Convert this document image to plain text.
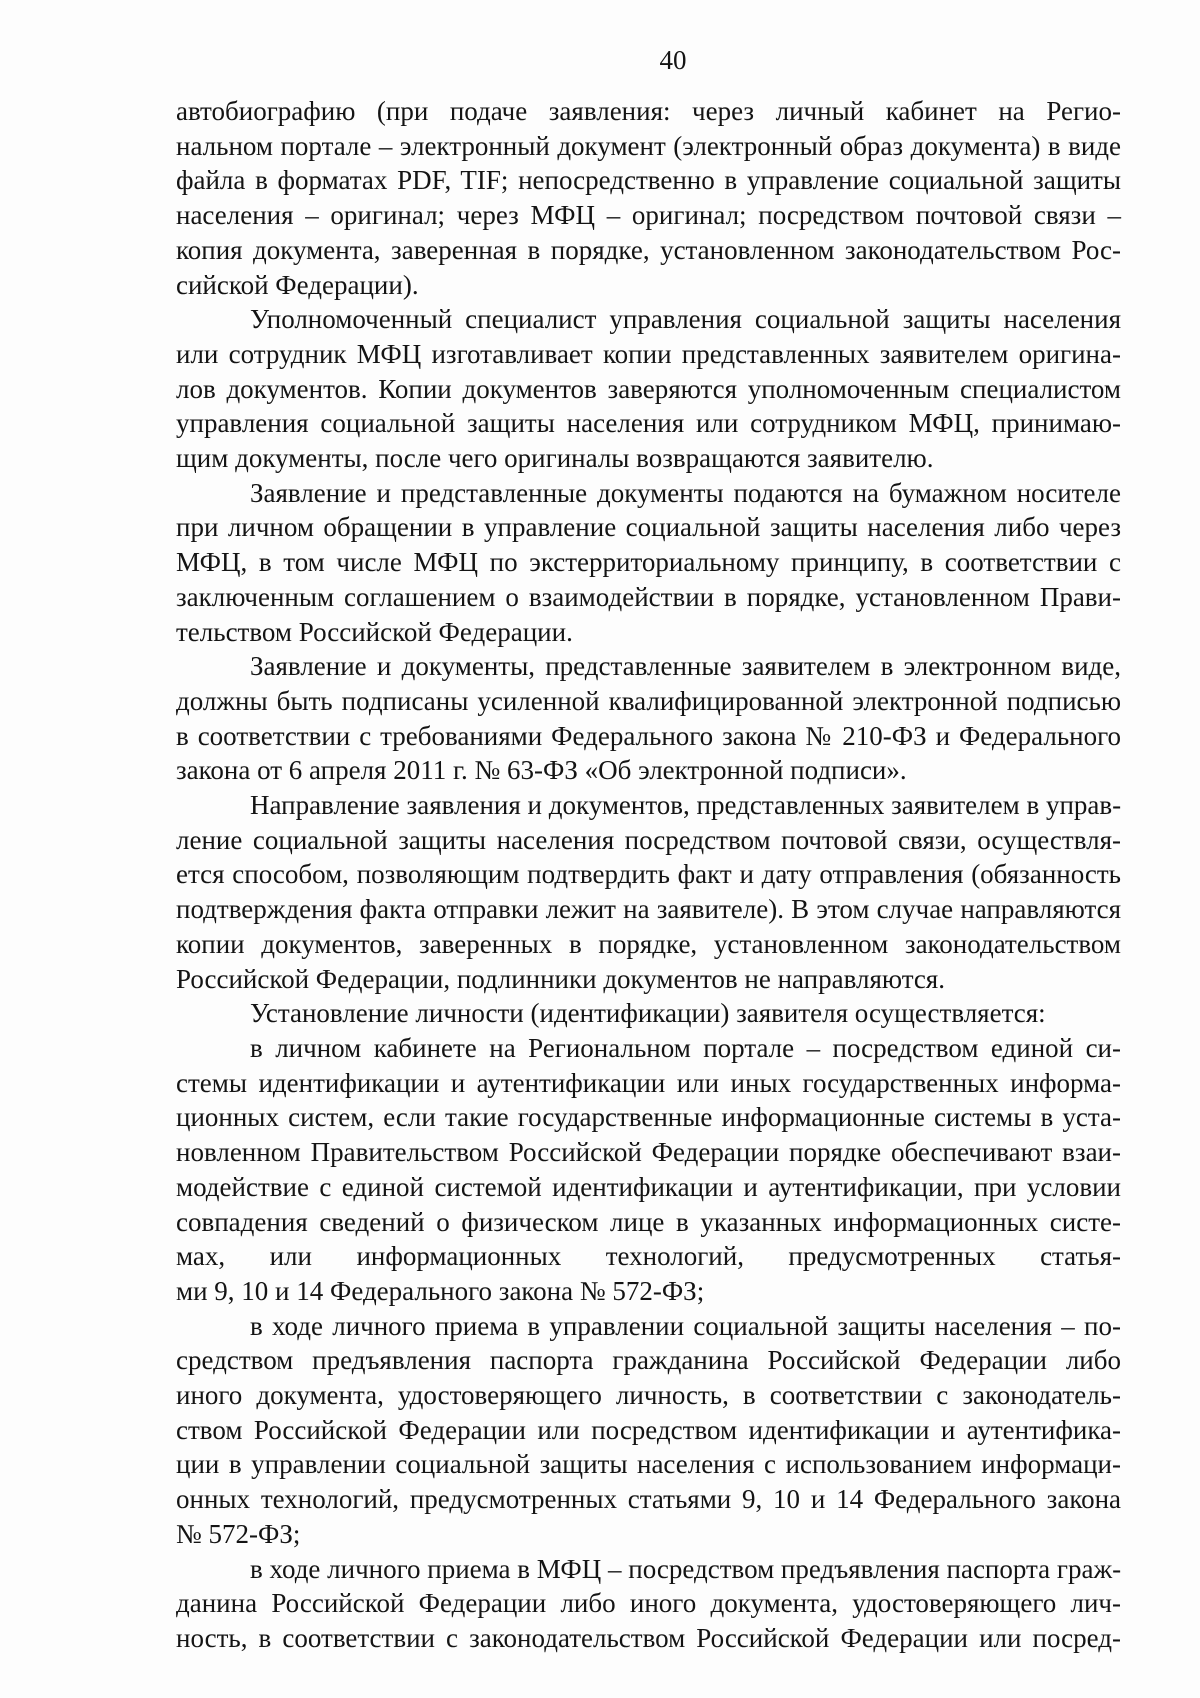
40
автобиографию (при подаче заявления: через личный кабинет на Регио-
нальном портале – электронный документ (электронный образ документа) в виде
файла в форматах PDF, TIF; непосредственно в управление социальной защиты
населения – оригинал; через МФЦ – оригинал; посредством почтовой связи –
копия документа, заверенная в порядке, установленном законодательством Рос-
сийской Федерации).
Уполномоченный специалист управления социальной защиты населения
или сотрудник МФЦ изготавливает копии представленных заявителем оригина-
лов документов. Копии документов заверяются уполномоченным специалистом
управления социальной защиты населения или сотрудником МФЦ, принимаю-
щим документы, после чего оригиналы возвращаются заявителю.
Заявление и представленные документы подаются на бумажном носителе
при личном обращении в управление социальной защиты населения либо через
МФЦ, в том числе МФЦ по экстерриториальному принципу, в соответствии с
заключенным соглашением о взаимодействии в порядке, установленном Прави-
тельством Российской Федерации.
Заявление и документы, представленные заявителем в электронном виде,
должны быть подписаны усиленной квалифицированной электронной подписью
в соответствии с требованиями Федерального закона № 210-ФЗ и Федерального
закона от 6 апреля 2011 г. № 63-ФЗ «Об электронной подписи».
Направление заявления и документов, представленных заявителем в управ-
ление социальной защиты населения посредством почтовой связи, осуществля-
ется способом, позволяющим подтвердить факт и дату отправления (обязанность
подтверждения факта отправки лежит на заявителе). В этом случае направляются
копии документов, заверенных в порядке, установленном законодательством
Российской Федерации, подлинники документов не направляются.
Установление личности (идентификации) заявителя осуществляется:
в личном кабинете на Региональном портале – посредством единой си-
стемы идентификации и аутентификации или иных государственных информа-
ционных систем, если такие государственные информационные системы в уста-
новленном Правительством Российской Федерации порядке обеспечивают взаи-
модействие с единой системой идентификации и аутентификации, при условии
совпадения сведений о физическом лице в указанных информационных систе-
мах, или информационных технологий, предусмотренных статья-
ми 9, 10 и 14 Федерального закона № 572-ФЗ;
в ходе личного приема в управлении социальной защиты населения – по-
средством предъявления паспорта гражданина Российской Федерации либо
иного документа, удостоверяющего личность, в соответствии с законодатель-
ством Российской Федерации или посредством идентификации и аутентифика-
ции в управлении социальной защиты населения с использованием информаци-
онных технологий, предусмотренных статьями 9, 10 и 14 Федерального закона
№ 572-ФЗ;
в ходе личного приема в МФЦ – посредством предъявления паспорта граж-
данина Российской Федерации либо иного документа, удостоверяющего лич-
ность, в соответствии с законодательством Российской Федерации или посред-
